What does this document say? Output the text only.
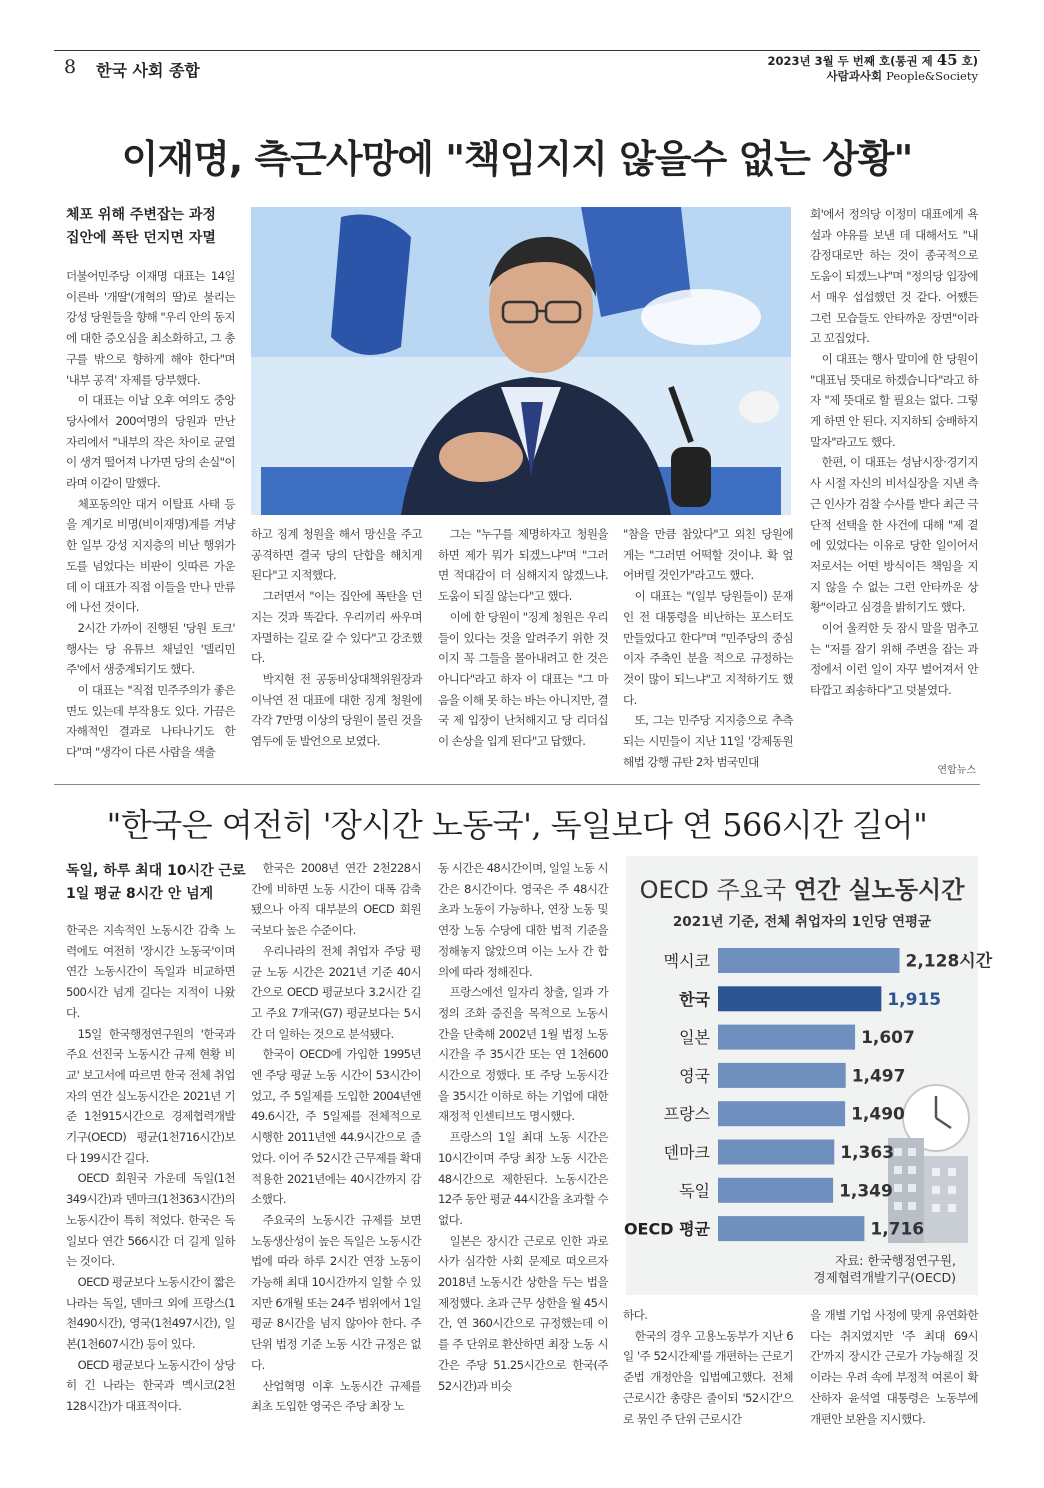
8 한국 사회 종합	2023년 3월 두 번째 호(통권 제 45 호)
사람과사회 People&Society
이재명, 측근사망에 "책임지지 않을수 없는 상황"
체포 위해 주변잡는 과정
집안에 폭탄 던지면 자멸

더불어민주당 이재명 대표는 14일 이른바 '개딸'(개혁의 딸)로 불리는 강성 당원들을 향해 "우리 안의 동지에 대한 증오심을 최소화하고, 그 총구를 밖으로 향하게 해야 한다"며 '내부 공격' 자제를 당부했다.

이 대표는 이날 오후 여의도 중앙당사에서 200여명의 당원과 만난 자리에서 "내부의 작은 차이로 균열이 생겨 떨어져 나가면 당의 손실"이라며 이같이 말했다.

체포동의안 대거 이탈표 사태 등을 계기로 비명(비이재명)계를 겨냥한 일부 강성 지지층의 비난 행위가 도를 넘었다는 비판이 잇따른 가운데 이 대표가 직접 이들을 만나 만류에 나선 것이다.

2시간 가까이 진행된 '당원 토크' 행사는 당 유튜브 채널인 '델리민주'에서 생중계되기도 했다.

이 대표는 "직접 민주주의가 좋은 면도 있는데 부작용도 있다. 가끔은 자해적인 결과로 나타나기도 한다"며 "생각이 다른 사람을 색출

하고 징계 청원을 해서 망신을 주고 공격하면 결국 당의 단합을 해치게 된다"고 지적했다.

그러면서 "이는 집안에 폭탄을 던지는 것과 똑같다. 우리끼리 싸우며 자멸하는 길로 갈 수 있다"고 강조했다.

박지현 전 공동비상대책위원장과 이낙연 전 대표에 대한 징계 청원에 각각 7만명 이상의 당원이 몰린 것을 염두에 둔 발언으로 보였다.

그는 "누구를 제명하자고 청원을 하면 제가 뭐가 되겠느냐"며 "그러면 적대감이 더 심해지지 않겠느냐. 도움이 되질 않는다"고 했다.

이에 한 당원이 "징계 청원은 우리들이 있다는 것을 알려주기 위한 것이지 꼭 그들을 몰아내려고 한 것은 아니다"라고 하자 이 대표는 "그 마음을 이해 못 하는 바는 아니지만, 결국 제 입장이 난처해지고 당 리더십이 손상을 입게 된다"고 답했다.

"참을 만큼 참았다"고 외친 당원에게는 "그러면 어떡할 것이냐. 확 엎어버릴 것인가"라고도 했다.

이 대표는 "(일부 당원들이) 문재인 전 대통령을 비난하는 포스터도 만들었다고 한다"며 "민주당의 중심이자 주축인 분을 적으로 규정하는 것이 많이 되느냐"고 지적하기도 했다.

또, 그는 민주당 지지층으로 추측되는 시민들이 지난 11일 '강제동원 해법 강행 규탄 2차 범국민대

회'에서 정의당 이정미 대표에게 욕설과 야유를 보낸 데 대해서도 "내 감정대로만 하는 것이 종국적으로 도움이 되겠느냐"며 "정의당 입장에서 매우 섭섭했던 것 같다. 어쨌든 그런 모습들도 안타까운 장면"이라고 꼬집었다.

이 대표는 행사 말미에 한 당원이 "대표님 뜻대로 하겠습니다"라고 하자 "제 뜻대로 할 필요는 없다. 그렇게 하면 안 된다. 지지하되 숭배하지 말자"라고도 했다.

한편, 이 대표는 성남시장·경기지사 시절 자신의 비서실장을 지낸 측근 인사가 검찰 수사를 받다 최근 극단적 선택을 한 사건에 대해 "제 곁에 있었다는 이유로 당한 일이어서 저로서는 어떤 방식이든 책임을 지지 않을 수 없는 그런 안타까운 상황"이라고 심경을 밝히기도 했다.

이어 울컥한 듯 잠시 말을 멈추고는 "저를 잡기 위해 주변을 잡는 과정에서 이런 일이 자꾸 벌어져서 안타깝고 죄송하다"고 덧붙였다.

연합뉴스
"한국은 여전히 '장시간 노동국', 독일보다 연 566시간 길어"
독일, 하루 최대 10시간 근로
1일 평균 8시간 안 넘게

한국은 지속적인 노동시간 감축 노력에도 여전히 '장시간 노동국'이며 연간 노동시간이 독일과 비교하면 500시간 넘게 길다는 지적이 나왔다.

15일 한국행정연구원의 '한국과 주요 선진국 노동시간 규제 현황 비교' 보고서에 따르면 한국 전체 취업자의 연간 실노동시간은 2021년 기준 1천915시간으로 경제협력개발기구(OECD) 평균(1천716시간)보다 199시간 길다.

OECD 회원국 가운데 독일(1천349시간)과 덴마크(1천363시간)의 노동시간이 특히 적었다. 한국은 독일보다 연간 566시간 더 길게 일하는 것이다.

OECD 평균보다 노동시간이 짧은 나라는 독일, 덴마크 외에 프랑스(1천490시간), 영국(1천497시간), 일본(1천607시간) 등이 있다.

OECD 평균보다 노동시간이 상당히 긴 나라는 한국과 멕시코(2천128시간)가 대표적이다.

한국은 2008년 연간 2천228시간에 비하면 노동 시간이 대폭 감축됐으나 아직 대부분의 OECD 회원국보다 높은 수준이다.

우리나라의 전체 취업자 주당 평균 노동 시간은 2021년 기준 40시간으로 OECD 평균보다 3.2시간 길고 주요 7개국(G7) 평균보다는 5시간 더 일하는 것으로 분석됐다.

한국이 OECD에 가입한 1995년엔 주당 평균 노동 시간이 53시간이었고, 주 5일제를 도입한 2004년엔 49.6시간, 주 5일제를 전체적으로 시행한 2011년엔 44.9시간으로 줄었다. 이어 주 52시간 근무제를 확대 적용한 2021년에는 40시간까지 감소했다.

주요국의 노동시간 규제를 보면 노동생산성이 높은 독일은 노동시간법에 따라 하루 2시간 연장 노동이 가능해 최대 10시간까지 일할 수 있지만 6개월 또는 24주 범위에서 1일 평균 8시간을 넘지 않아야 한다. 주 단위 법정 기준 노동 시간 규정은 없다.

산업혁명 이후 노동시간 규제를 최초 도입한 영국은 주당 최장 노

동 시간은 48시간이며, 일일 노동 시간은 8시간이다. 영국은 주 48시간 초과 노동이 가능하나, 연장 노동 및 연장 노동 수당에 대한 법적 기준을 정해놓지 않았으며 이는 노사 간 합의에 따라 정해진다.

프랑스에선 일자리 창출, 일과 가정의 조화 증진을 목적으로 노동시간을 단축해 2002년 1월 법정 노동시간을 주 35시간 또는 연 1천600시간으로 정했다. 또 주당 노동시간을 35시간 이하로 하는 기업에 대한 재정적 인센티브도 명시했다.

프랑스의 1일 최대 노동 시간은 10시간이며 주당 최장 노동 시간은 48시간으로 제한된다. 노동시간은 12주 동안 평균 44시간을 초과할 수 없다.

일본은 장시간 근로로 인한 과로사가 심각한 사회 문제로 떠오르자 2018년 노동시간 상한을 두는 법을 제정했다. 초과 근무 상한을 월 45시간, 연 360시간으로 규정했는데 이를 주 단위로 환산하면 최장 노동 시간은 주당 51.25시간으로 한국(주 52시간)과 비슷

OECD 주요국 연간 실노동시간
2021년 기준, 전체 취업자의 1인당 연평균
멕시코	2,128시간
한국	1,915
일본	1,607
영국	1,497
프랑스	1,490
덴마크	1,363
독일	1,349
OECD 평균	1,716
자료: 한국행정연구원,
경제협력개발기구(OECD)

하다.

한국의 경우 고용노동부가 지난 6일 '주 52시간제'를 개편하는 근로기준법 개정안을 입법예고했다. 전체 근로시간 총량은 줄이되 '52시간'으로 묶인 주 단위 근로시간

을 개별 기업 사정에 맞게 유연화한다는 취지였지만 '주 최대 69시간'까지 장시간 근로가 가능해질 것이라는 우려 속에 부정적 여론이 확산하자 윤석열 대통령은 노동부에 개편안 보완을 지시했다.
